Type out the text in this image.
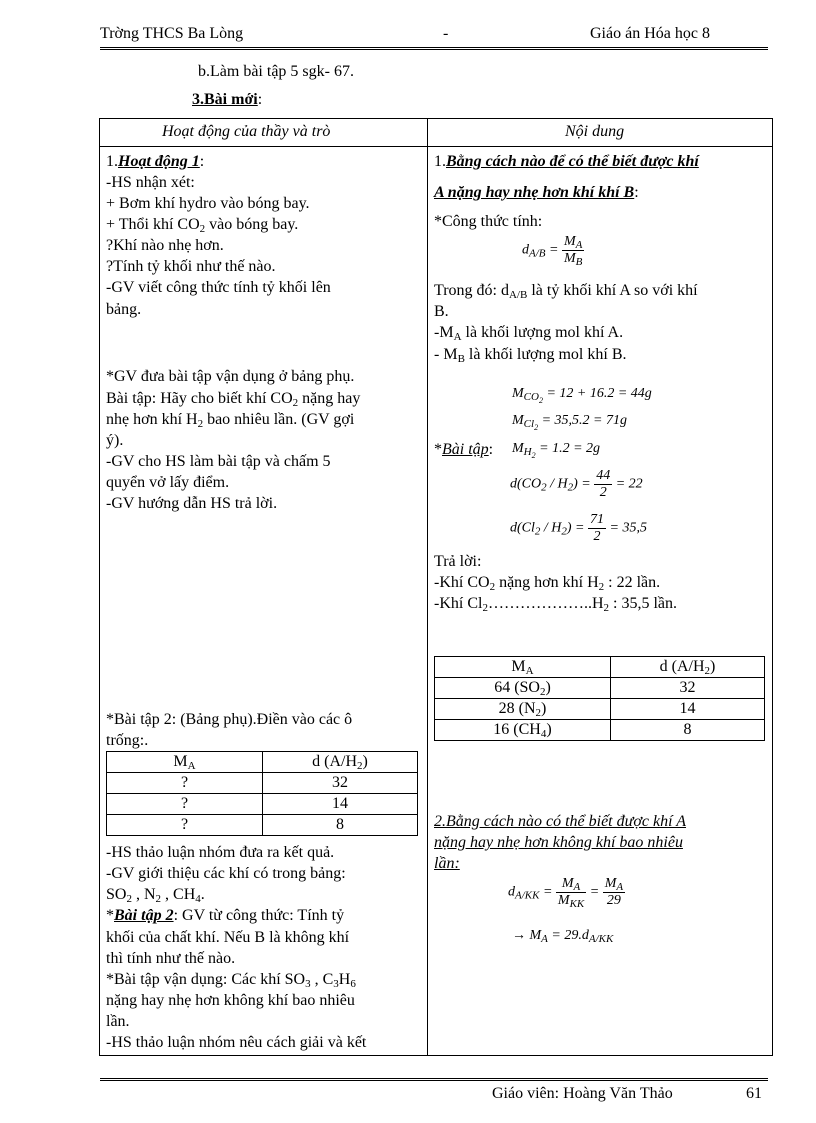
Trờng THCS Ba Lòng	-	Giáo án Hóa học 8
b.Làm bài tập 5 sgk- 67.
3.Bài mới:
Hoạt động của thầy và trò	Nội dung
1.Hoạt động 1:
-HS nhận xét:
+ Bơm khí hydro vào bóng bay.
+ Thổi khí $CO_2$ vào bóng bay.
?Khí nào nhẹ hơn.
?Tính tỷ khối như thế nào.
-GV viết công thức tính tỷ khối lên
bảng.
*GV đưa bài tập vận dụng ở bảng phụ.
Bài tập: Hãy cho biết khí $CO_2$ nặng hay
nhẹ hơn khí $H_2$ bao nhiêu lần. (GV gợi
ý).
-GV cho HS làm bài tập và chấm 5
quyển vở lấy điểm.
-GV hướng dẫn HS trả lời.
*Bài tập 2: (Bảng phụ).Điền vào các ô
trống:.
$M_A$	d $(A/H_2)$
?	32
?	14
?	8
-HS thảo luận nhóm đưa ra kết quả.
-GV giới thiệu các khí có trong bảng:
$SO_2$ , $N_2$ , $CH_4$.
*Bài tập 2: GV từ công thức: Tính tỷ
khối của chất khí. Nếu B là không khí
thì tính như thế nào.
*Bài tập vận dụng: Các khí $SO_3$ , $C_3H_6$
nặng hay nhẹ hơn không khí bao nhiêu
lần.
-HS thảo luận nhóm nêu cách giải và kết
1.Bằng cách nào để có thể biết được khí
A nặng hay nhẹ hơn khí khí B:
*Công thức tính:
$d_{A/B} = \frac{M_A}{M_B}$
Trong đó: $d_{A/B}$ là tỷ khối khí A so với khí
B.
$-M_A$ là khối lượng mol khí A.
- $M_B$ là khối lượng mol khí B.
$M_{CO_2} = 12 + 16.2 = 44g$
$M_{Cl_2} = 35,5.2 = 71g$
*Bài tập: $M_{H_2} = 1.2 = 2g$
$d(CO_2 / H_2) = \frac{44}{2} = 22$
$d(Cl_2 / H_2) = \frac{71}{2} = 35,5$
Trả lời:
-Khí $CO_2$ nặng hơn khí $H_2$ : 22 lần.
-Khí $Cl_2\dots\dots\dots\dots\dots\dots..H_2$ : 35,5 lần.
$M_A$	d $(A/H_2)$
64 $(SO_2)$	32
28 $(N_2)$	14
16 $(CH_4)$	8
2.Bằng cách nào có thể biết được khí A
nặng hay nhẹ hơn không khí bao nhiêu
lần:
$d_{A/KK} = \frac{M_A}{M_{KK}} = \frac{M_A}{29}$
→ $M_A = 29.d_{A/KK}$
Giáo viên: Hoàng Văn Thảo	61
